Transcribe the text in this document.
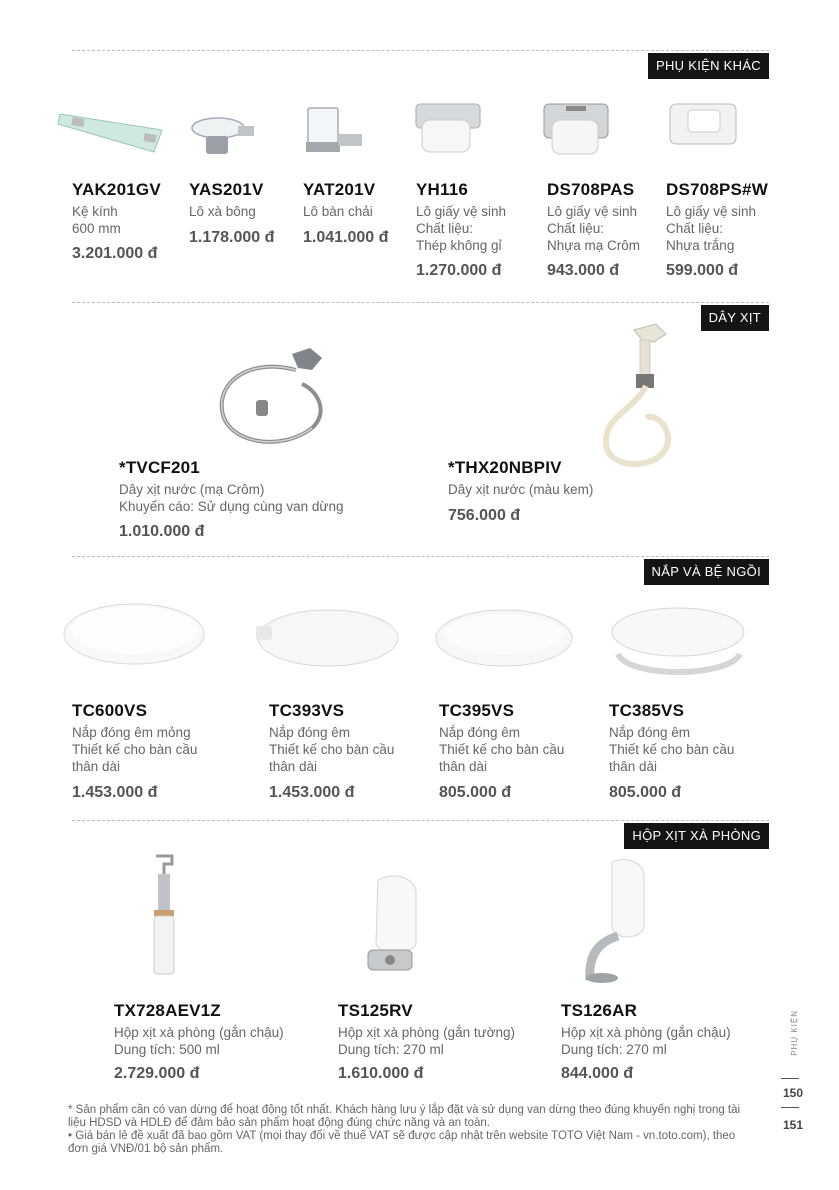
PHỤ KIỆN KHÁC
YAK201GV
Kệ kính
600 mm
3.201.000 đ
YAS201V
Lô xà bông
1.178.000 đ
YAT201V
Lô bàn chải
1.041.000 đ
YH116
Lô giấy vệ sinh
Chất liệu:
Thép không gỉ
1.270.000 đ
DS708PAS
Lô giấy vệ sinh
Chất liệu:
Nhựa mạ Crôm
943.000 đ
DS708PS#W
Lô giấy vệ sinh
Chất liệu:
Nhựa trắng
599.000 đ
DÂY XỊT
*TVCF201
Dây xịt nước (mạ Crôm)
Khuyến cáo: Sử dụng cùng van dừng
1.010.000 đ
*THX20NBPIV
Dây xịt nước (màu kem)
756.000 đ
NẮP VÀ BỆ NGỒI
TC600VS
Nắp đóng êm mỏng
Thiết kế cho bàn cầu
thân dài
1.453.000 đ
TC393VS
Nắp đóng êm
Thiết kế cho bàn cầu
thân dài
1.453.000 đ
TC395VS
Nắp đóng êm
Thiết kế cho bàn cầu
thân dài
805.000 đ
TC385VS
Nắp đóng êm
Thiết kế cho bàn cầu
thân dài
805.000 đ
HỘP XỊT XÀ PHÒNG
TX728AEV1Z
Hộp xịt xà phòng (gắn chậu)
Dung tích: 500 ml
2.729.000 đ
TS125RV
Hộp xịt xà phòng (gắn tường)
Dung tích: 270 ml
1.610.000 đ
TS126AR
Hộp xịt xà phòng (gắn chậu)
Dung tích: 270 ml
844.000 đ

* Sản phẩm cần có van dừng để hoạt động tốt nhất. Khách hàng lưu ý lắp đặt và sử dụng van dừng theo đúng khuyến nghị trong tài liệu HDSD và HDLĐ để đảm bảo sản phẩm hoạt động đúng chức năng và an toàn.

• Giá bán lẻ đề xuất đã bao gồm VAT (mọi thay đổi về thuế VAT sẽ được cập nhật trên website TOTO Việt Nam - vn.toto.com), theo đơn giá VNĐ/01 bộ sản phẩm.

PHỤ KIỆN
150
151
